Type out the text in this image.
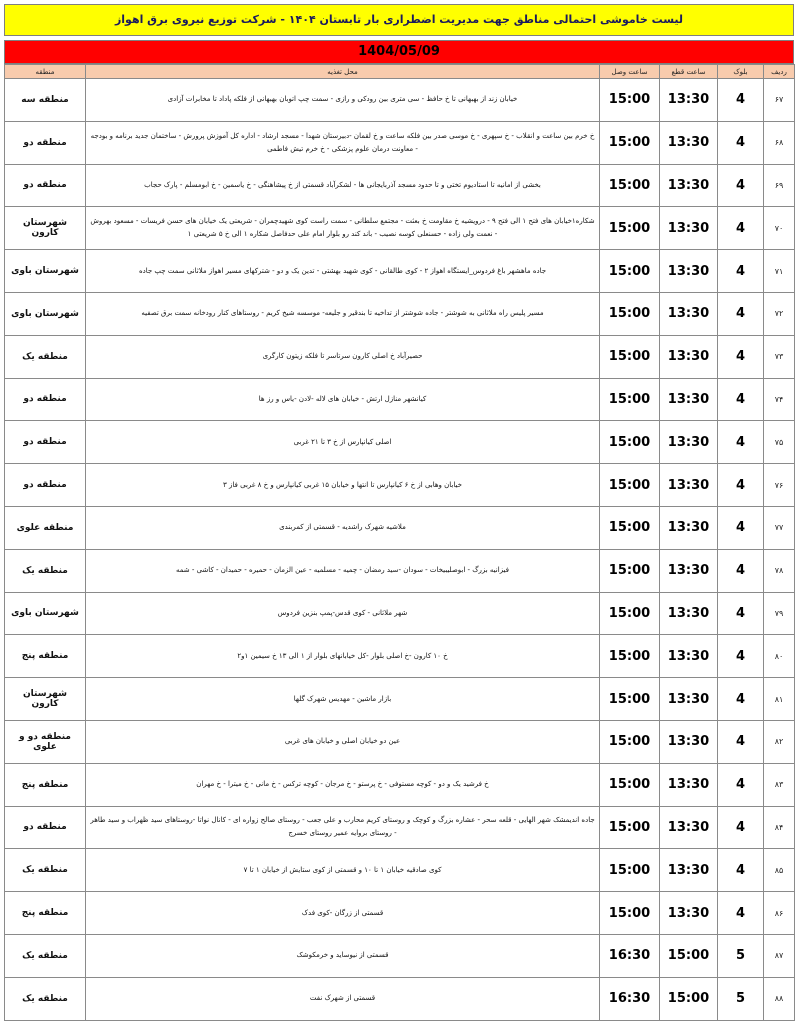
لیست خاموشی احتمالی مناطق جهت مدیریت اضطراری بار تابستان ۱۴۰۴ - شرکت توزیع نیروی برق اهواز
1404/05/09
ردیف	بلوک	ساعت قطع	ساعت وصل	محل تغذیه	منطقه
۶۷	4	13:30	15:00	خیابان زند از بهبهانی تا خ حافظ - سی متری بین رودکی و رازی - سمت چپ اتوبان بهبهانی از فلکه پاداد تا مخابرات آزادی	منطقه سه
۶۸	4	13:30	15:00	خ خرم بین ساعت و انقلاب - خ سپهری - خ موسی صدر بین فلکه ساعت و خ لقمان -دبیرستان شهدا - مسجد ارشاد - اداره کل آموزش پرورش - ساختمان جدید برنامه و بودجه - معاونت درمان علوم پزشکی - خ خرم تیش فاطمی	منطقه دو
۶۹	4	13:30	15:00	بخشی از امانیه تا استادیوم تختی و تا حدود مسجد آذربایجانی ها - لشکرآباد قسمتی از خ پیشاهنگی - خ یاسمین - خ ابومسلم - پارک حجاب	منطقه دو
۷۰	4	13:30	15:00	شکاره۱خیابان های فتح ۱ الی فتح ۹ - درویشیه خ مقاومت خ بعثت - مجتمع سلطانی - سمت راست کوی شهیدچمران - شریعتی یک خیابان های حسن فریسات - مسعود بهروش - نعمت ولی زاده - حسنعلی کوسه نصیب - باند کند رو بلوار امام علی حدفاصل شکاره ۱ الی خ ۵ شریعتی ۱	شهرستان کارون
۷۱	4	13:30	15:00	جاده ماهشهر باغ فردوس_ایستگاه اهواز ۲ - کوی طالقانی - کوی شهید بهشتی - تدین یک و دو - شترکهای مسیر اهواز ملاثانی سمت چپ جاده	شهرستان باوی
۷۲	4	13:30	15:00	مسیر پلیس راه ملاثانی به شوشتر - جاده شوشتر از تداخیه تا بندقیر و جلیعه- موسسه شیخ کریم - روستاهای کنار رودخانه سمت برق تصفیه	شهرستان باوی
۷۳	4	13:30	15:00	حصیرآباد خ اصلی کارون سرتاسر تا فلکه زیتون کارگری	منطقه یک
۷۴	4	13:30	15:00	کیانشهر منازل ارتش - خیابان های لاله -لادن -یاس و رز ها	منطقه دو
۷۵	4	13:30	15:00	اصلی کیانپارس از خ ۳ تا ۲۱ غربی	منطقه دو
۷۶	4	13:30	15:00	خیابان وهابی از خ ۶ کیانپارس تا انتها و خیابان ۱۵ غربی کیانپارس و خ ۸ غربی فاز ۳	منطقه دو
۷۷	4	13:30	15:00	ملاشیه شهرک راشدیه - قسمتی از کمربندی	منطقه علوی
۷۸	4	13:30	15:00	فیزانیه بزرگ - ابوصلیبیخات - سودان -سید رمضان - چمیه - مسلمیه - عین الزمان - حمیره - حمیدان - کاشی - شمه	منطقه یک
۷۹	4	13:30	15:00	شهر ملاثانی - کوی قدس-پمپ بنزین فردوس	شهرستان باوی
۸۰	4	13:30	15:00	خ ۱۰ کارون -خ اصلی بلوار -کل خیابانهای بلوار از ۱ الی ۱۳ خ سیمین ۱و۲	منطقه پنج
۸۱	4	13:30	15:00	بازار ماشین - مهدیس شهرک گلها	شهرستان کارون
۸۲	4	13:30	15:00	عین دو خیابان اصلی و خیابان های غربی	منطقه دو و علوی
۸۳	4	13:30	15:00	خ فرشید یک و دو - کوچه مستوفی - خ پرستو - خ مرجان - کوچه ترکس - خ مانی - خ میترا - خ مهران	منطقه پنج
۸۴	4	13:30	15:00	جاده اندیمشک شهر الهایی - قلعه سحر - عشاره بزرگ و کوچک و روستای کریم محارب و علی جعب - روستای صالح زواره ای - کانال نواتا -روستاهای سید ظهراب و سید طاهر - روستای بروایه عمیر روستای خسرج	منطقه دو
۸۵	4	13:30	15:00	کوی صادقیه خیابان ۱ تا ۱۰ و قسمتی از کوی ستایش از خیابان ۱ تا ۷	منطقه یک
۸۶	4	13:30	15:00	قسمتی از زرگان -کوی فدک	منطقه پنج
۸۷	5	15:00	16:30	قسمتی از نیوساید و خرمکوشک	منطقه یک
۸۸	5	15:00	16:30	قسمتی از شهرک نفت	منطقه یک
